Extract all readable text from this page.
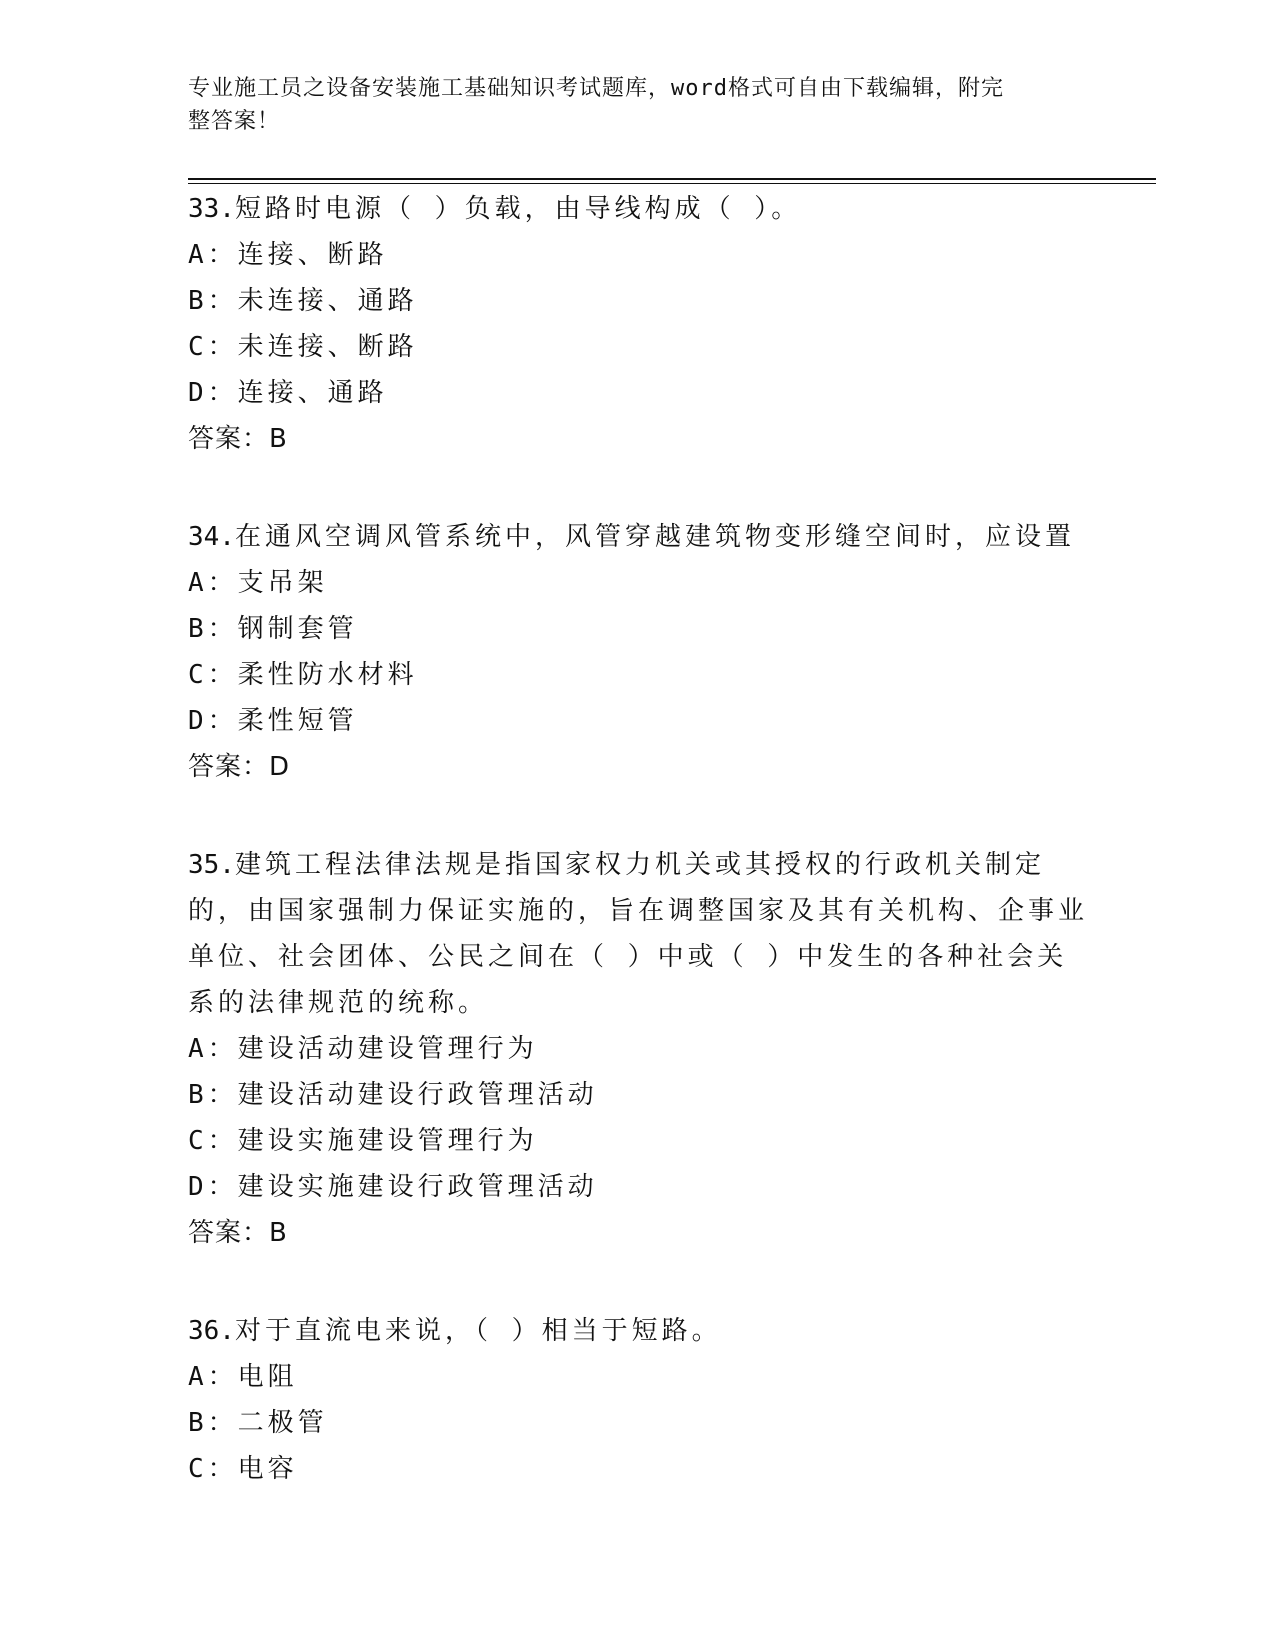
专业施工员之设备安装施工基础知识考试题库，word格式可自由下载编辑，附完
整答案！
33.短路时电源（ ）负载，由导线构成（ ）。
A：连接、断路
B：未连接、通路
C：未连接、断路
D：连接、通路
答案：B
34.在通风空调风管系统中，风管穿越建筑物变形缝空间时，应设置
A：支吊架
B：钢制套管
C：柔性防水材料
D：柔性短管
答案：D
35.建筑工程法律法规是指国家权力机关或其授权的行政机关制定的，由国家强制力保证实施的，旨在调整国家及其有关机构、企事业单位、社会团体、公民之间在（ ）中或（ ）中发生的各种社会关系的法律规范的统称。
A：建设活动建设管理行为
B：建设活动建设行政管理活动
C：建设实施建设管理行为
D：建设实施建设行政管理活动
答案：B
36.对于直流电来说，（ ）相当于短路。
A：电阻
B：二极管
C：电容
